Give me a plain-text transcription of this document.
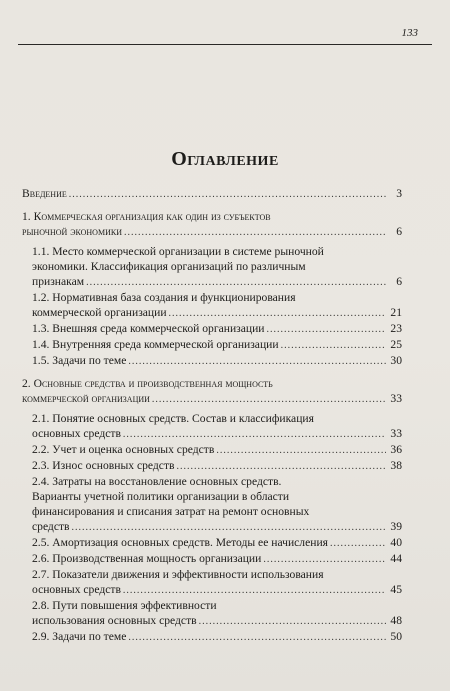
133
Оглавление
Введение .....	3
1. Коммерческая организация как один из субъектов
рыночной экономики .....	6
1.1. Место коммерческой организации в системе рыночной
экономики. Классификация организаций по различным
признакам .....	6
1.2. Нормативная база создания и функционирования
коммерческой организации .....	21
1.3. Внешняя среда коммерческой организации .....	23
1.4. Внутренняя среда коммерческой организации .....	25
1.5. Задачи по теме .....	30
2. Основные средства и производственная мощность
коммерческой организации .....	33
2.1. Понятие основных средств. Состав и классификация
основных средств .....	33
2.2. Учет и оценка основных средств .....	36
2.3. Износ основных средств .....	38
2.4. Затраты на восстановление основных средств.
Варианты учетной политики организации в области
финансирования и списания затрат на ремонт основных
средств .....	39
2.5. Амортизация основных средств. Методы ее начисления .....	40
2.6. Производственная мощность организации .....	44
2.7. Показатели движения и эффективности использования
основных средств .....	45
2.8. Пути повышения эффективности
использования основных средств .....	48
2.9. Задачи по теме .....	50
